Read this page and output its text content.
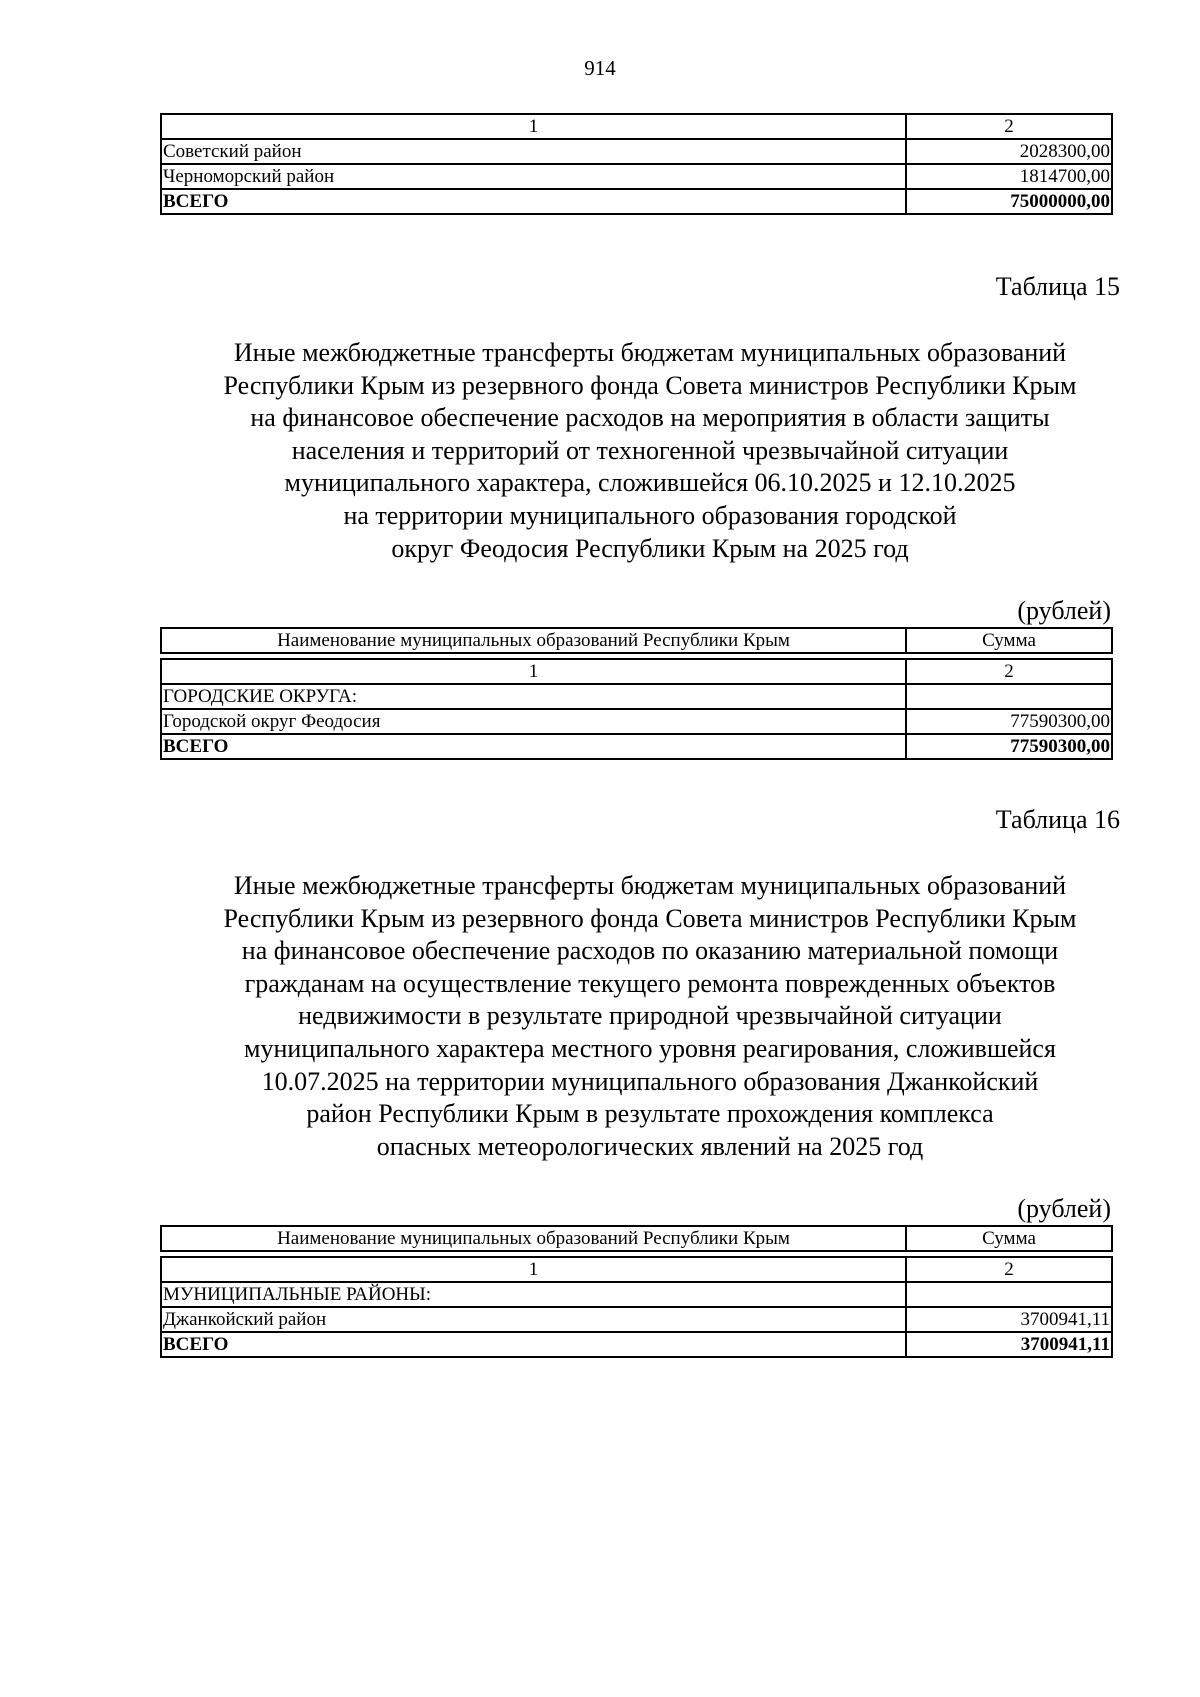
914
1	2
Советский район	2028300,00
Черноморский район	1814700,00
ВСЕГО	75000000,00
Таблица 15
Иные межбюджетные трансферты бюджетам муниципальных образований
Республики Крым из резервного фонда Совета министров Республики Крым
на финансовое обеспечение расходов на мероприятия в области защиты
населения и территорий от техногенной чрезвычайной ситуации
муниципального характера, сложившейся 06.10.2025 и 12.10.2025
на территории муниципального образования городской
округ Феодосия Республики Крым на 2025 год
(рублей)
Наименование муниципальных образований Республики Крым	Сумма

1	2
ГОРОДСКИЕ ОКРУГА:	
Городской округ Феодосия	77590300,00
ВСЕГО	77590300,00
Таблица 16
Иные межбюджетные трансферты бюджетам муниципальных образований
Республики Крым из резервного фонда Совета министров Республики Крым
на финансовое обеспечение расходов по оказанию материальной помощи
гражданам на осуществление текущего ремонта поврежденных объектов
недвижимости в результате природной чрезвычайной ситуации
муниципального характера местного уровня реагирования, сложившейся
10.07.2025 на территории муниципального образования Джанкойский
район Республики Крым в результате прохождения комплекса
опасных метеорологических явлений на 2025 год
(рублей)
Наименование муниципальных образований Республики Крым	Сумма

1	2
МУНИЦИПАЛЬНЫЕ РАЙОНЫ:	
Джанкойский район	3700941,11
ВСЕГО	3700941,11
